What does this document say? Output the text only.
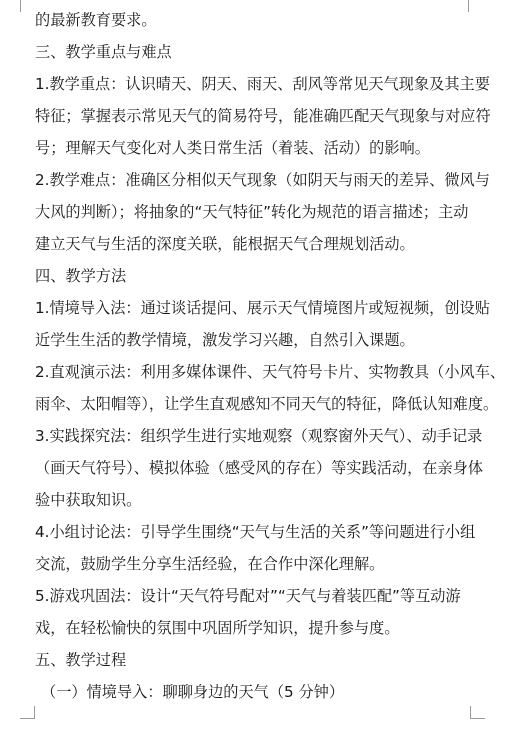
的最新教育要求。
三、教学重点与难点
1.教学重点：认识晴天、阴天、雨天、刮风等常见天气现象及其主要
特征；掌握表示常见天气的简易符号，能准确匹配天气现象与对应符
号；理解天气变化对人类日常生活（着装、活动）的影响。
2.教学难点：准确区分相似天气现象（如阴天与雨天的差异、微风与
大风的判断）；将抽象的“天气特征”转化为规范的语言描述；主动
建立天气与生活的深度关联，能根据天气合理规划活动。
四、教学方法
1.情境导入法：通过谈话提问、展示天气情境图片或短视频，创设贴
近学生生活的教学情境，激发学习兴趣，自然引入课题。
2.直观演示法：利用多媒体课件、天气符号卡片、实物教具（小风车、
雨伞、太阳帽等），让学生直观感知不同天气的特征，降低认知难度。
3.实践探究法：组织学生进行实地观察（观察窗外天气）、动手记录
（画天气符号）、模拟体验（感受风的存在）等实践活动，在亲身体
验中获取知识。
4.小组讨论法：引导学生围绕“天气与生活的关系”等问题进行小组
交流，鼓励学生分享生活经验，在合作中深化理解。
5.游戏巩固法：设计“天气符号配对”“天气与着装匹配”等互动游
戏，在轻松愉快的氛围中巩固所学知识，提升参与度。
五、教学过程
（一）情境导入：聊聊身边的天气（5 分钟）
